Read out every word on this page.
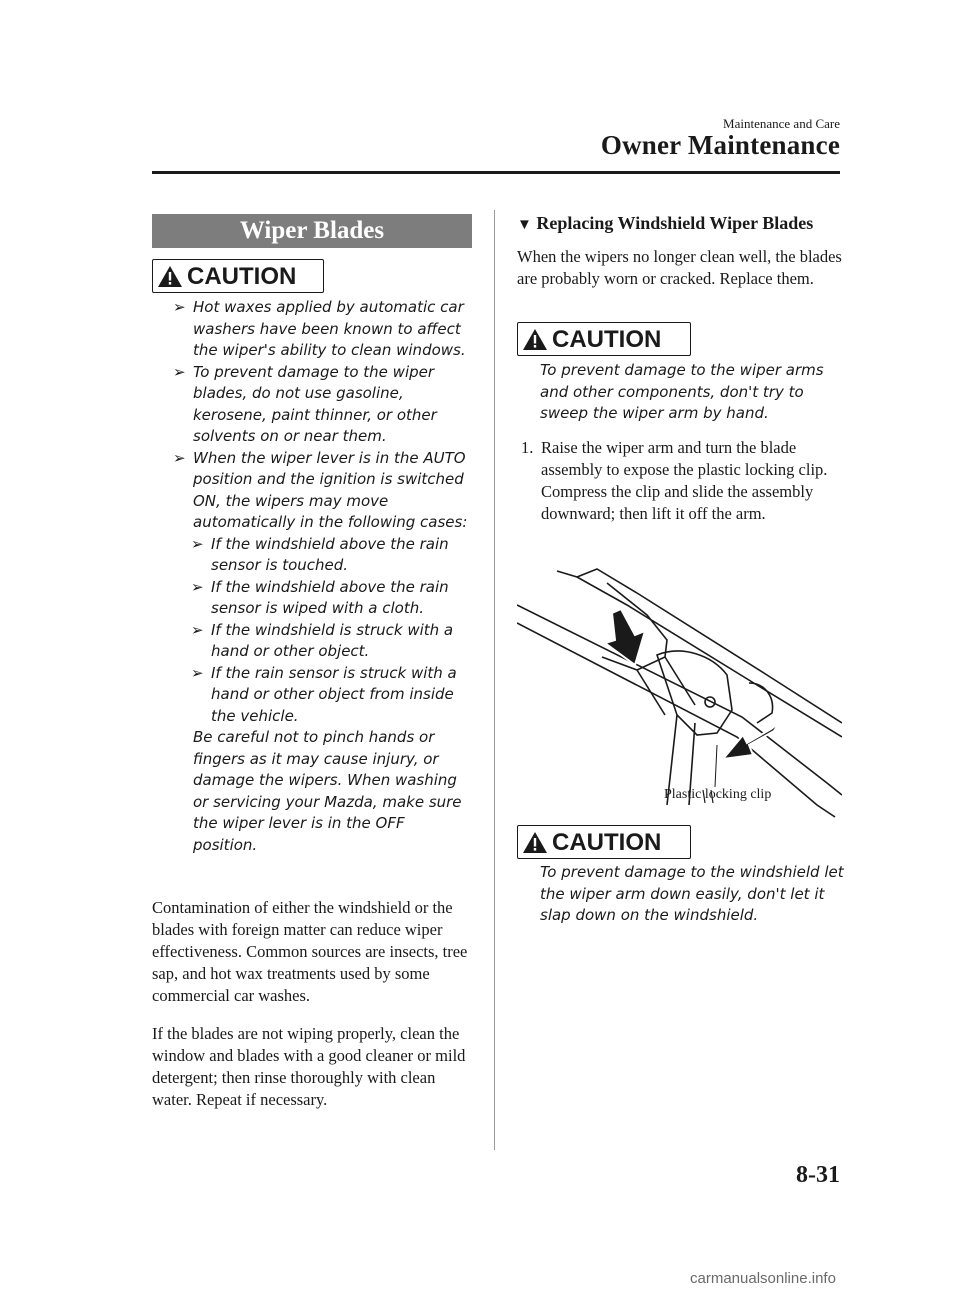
Maintenance and Care
Owner Maintenance
Wiper Blades
CAUTION
➢ Hot waxes applied by automatic car washers have been known to affect the wiper's ability to clean windows.
➢ To prevent damage to the wiper blades, do not use gasoline, kerosene, paint thinner, or other solvents on or near them.
➢ When the wiper lever is in the AUTO position and the ignition is switched ON, the wipers may move automatically in the following cases:
➢ If the windshield above the rain sensor is touched.
➢ If the windshield above the rain sensor is wiped with a cloth.
➢ If the windshield is struck with a hand or other object.
➢ If the rain sensor is struck with a hand or other object from inside the vehicle.
Be careful not to pinch hands or fingers as it may cause injury, or damage the wipers. When washing or servicing your Mazda, make sure the wiper lever is in the OFF position.
Contamination of either the windshield or the blades with foreign matter can reduce wiper effectiveness. Common sources are insects, tree sap, and hot wax treatments used by some commercial car washes.
If the blades are not wiping properly, clean the window and blades with a good cleaner or mild detergent; then rinse thoroughly with clean water. Repeat if necessary.
▼ Replacing Windshield Wiper Blades
When the wipers no longer clean well, the blades are probably worn or cracked. Replace them.
CAUTION
To prevent damage to the wiper arms and other components, don't try to sweep the wiper arm by hand.
1. Raise the wiper arm and turn the blade assembly to expose the plastic locking clip.
Compress the clip and slide the assembly downward; then lift it off the arm.
Plastic locking clip
CAUTION
To prevent damage to the windshield let the wiper arm down easily, don't let it slap down on the windshield.
8-31
carmanualsonline.info
